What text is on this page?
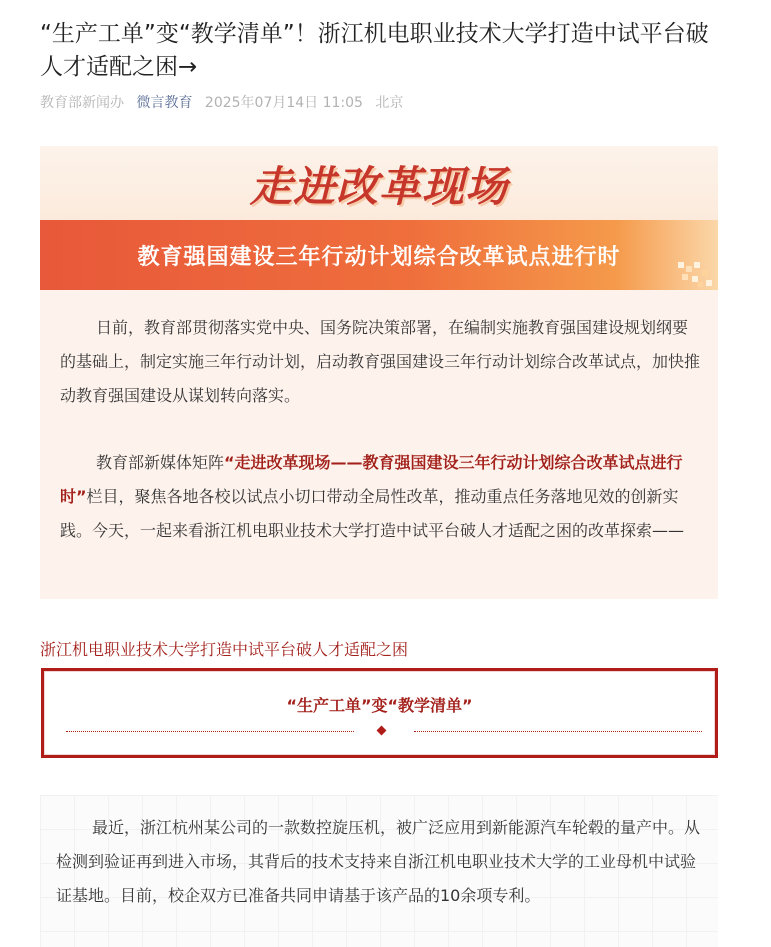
“生产工单”变“教学清单”！浙江机电职业技术大学打造中试平台破人才适配之困→
教育部新闻办 微言教育 2025年07月14日 11:05 北京
走进改革现场
教育强国建设三年行动计划综合改革试点进行时

日前，教育部贯彻落实党中央、国务院决策部署，在编制实施教育强国建设规划纲要的基础上，制定实施三年行动计划，启动教育强国建设三年行动计划综合改革试点，加快推动教育强国建设从谋划转向落实。

教育部新媒体矩阵“走进改革现场——教育强国建设三年行动计划综合改革试点进行时”栏目，聚焦各地各校以试点小切口带动全局性改革，推动重点任务落地见效的创新实践。今天，一起来看浙江机电职业技术大学打造中试平台破人才适配之困的改革探索——

浙江机电职业技术大学打造中试平台破人才适配之困
“生产工单”变“教学清单”

最近，浙江杭州某公司的一款数控旋压机，被广泛应用到新能源汽车轮毂的量产中。从检测到验证再到进入市场，其背后的技术支持来自浙江机电职业技术大学的工业母机中试验证基地。目前，校企双方已准备共同申请基于该产品的10余项专利。
